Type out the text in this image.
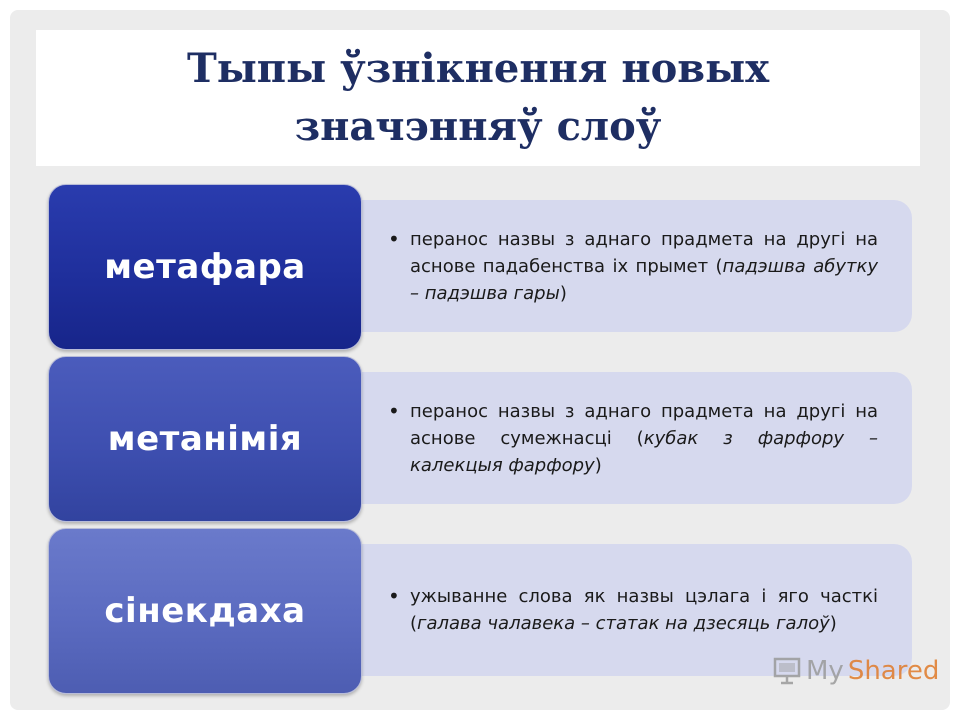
Тыпы ўзнікнення новых значэнняў слоў
• перанос назвы з аднаго прадмета на другі на аснове падабенства іх прымет (падэшва абутку – падэшва гары)
метафара
• перанос назвы з аднаго прадмета на другі на аснове сумежнасці (кубак з фарфору – калекцыя фарфору)
метанімія
• ужыванне слова як назвы цэлага і яго часткі (галава чалавека – статак на дзесяць галоў)
сінекдаха
My Shared
